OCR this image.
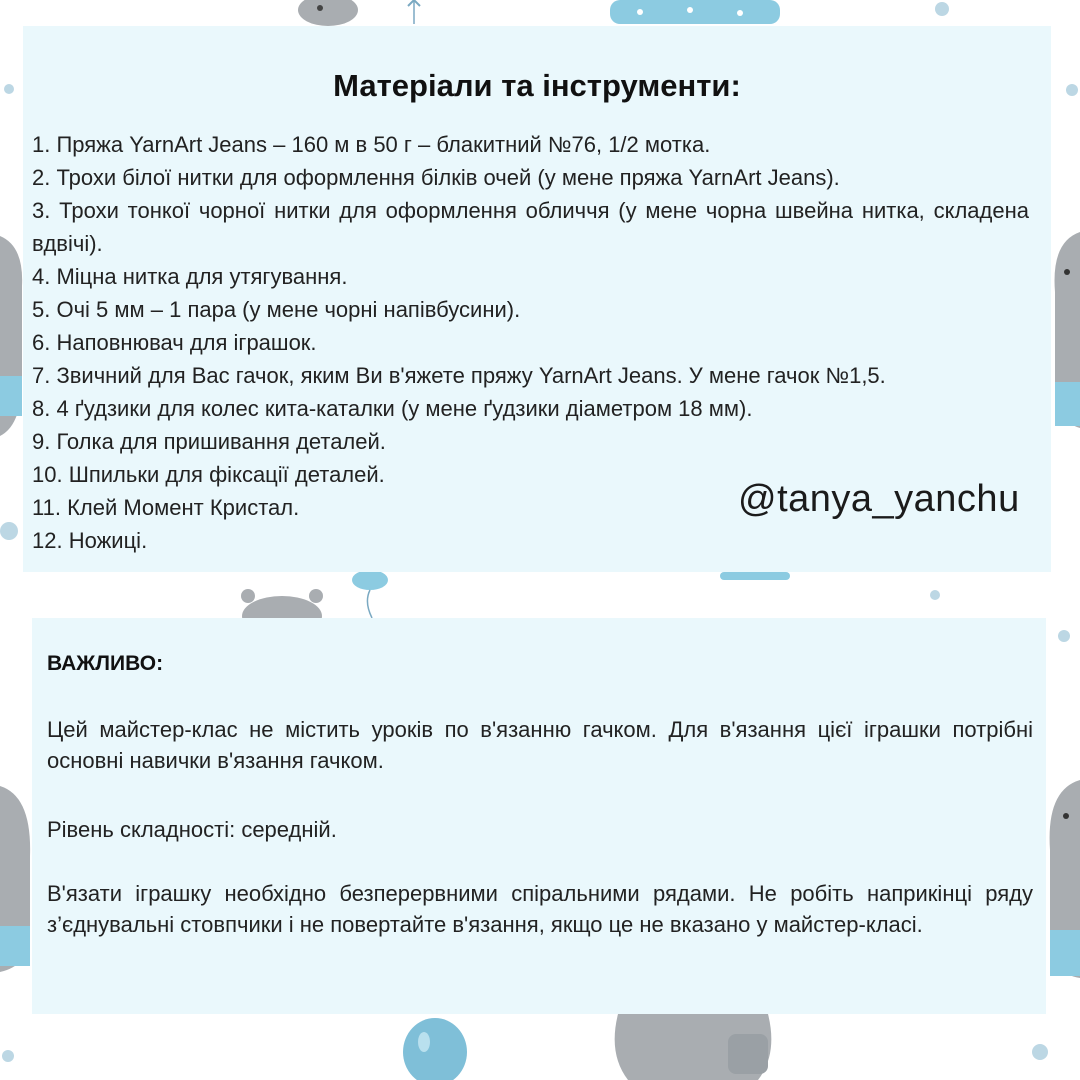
Матеріали та інструменти:
1. Пряжа YarnArt Jeans – 160 м в 50 г – блакитний №76, 1/2 мотка.
2. Трохи білої нитки для оформлення білків очей (у мене пряжа YarnArt Jeans).
3. Трохи тонкої чорної нитки для оформлення обличчя (у мене чорна швейна нитка, складена вдвічі).
4. Міцна нитка для утягування.
5. Очі 5 мм – 1 пара (у мене чорні напівбусини).
6. Наповнювач для іграшок.
7. Звичний для Вас гачок, яким Ви в'яжете пряжу YarnArt Jeans. У мене гачок №1,5.
8. 4 ґудзики для колес кита-каталки (у мене ґудзики діаметром 18 мм).
9. Голка для пришивання деталей.
10. Шпильки для фіксації деталей.
11. Клей Момент Кристал.
12. Ножиці.
@tanya_yanchu
ВАЖЛИВО:

Цей майстер-клас не містить уроків по в'язанню гачком. Для в'язання цієї іграшки потрібні основні навички в'язання гачком.

Рівень складності: середній.

В'язати іграшку необхідно безперервними спіральними рядами. Не робіть наприкінці ряду з’єднувальні стовпчики і не повертайте в'язання, якщо це не вказано у майстер-класі.
